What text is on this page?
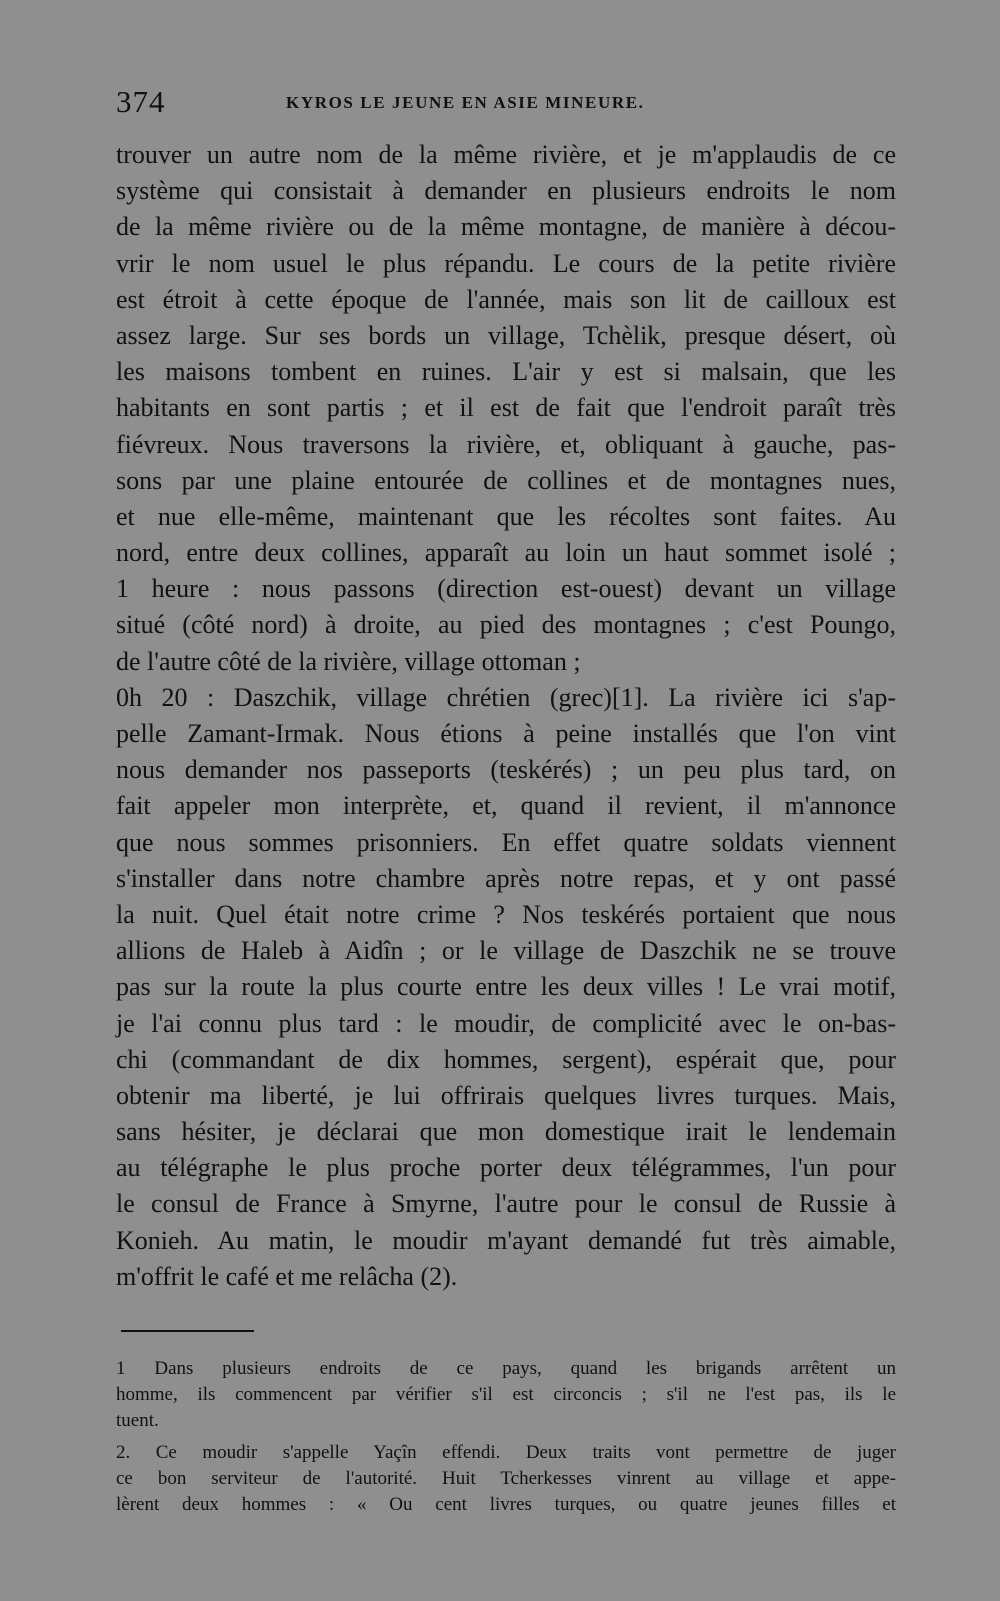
374	KYROS LE JEUNE EN ASIE MINEURE.
trouver un autre nom de la même rivière, et je m'applaudis de ce
système qui consistait à demander en plusieurs endroits le nom
de la même rivière ou de la même montagne, de manière à décou-
vrir le nom usuel le plus répandu. Le cours de la petite rivière
est étroit à cette époque de l'année, mais son lit de cailloux est
assez large. Sur ses bords un village, Tchèlik, presque désert, où
les maisons tombent en ruines. L'air y est si malsain, que les
habitants en sont partis ; et il est de fait que l'endroit paraît très
fiévreux. Nous traversons la rivière, et, obliquant à gauche, pas-
sons par une plaine entourée de collines et de montagnes nues,
et nue elle-même, maintenant que les récoltes sont faites. Au
nord, entre deux collines, apparaît au loin un haut sommet isolé ;
1 heure : nous passons (direction est-ouest) devant un village
situé (côté nord) à droite, au pied des montagnes ; c'est Poungo,
de l'autre côté de la rivière, village ottoman ;
0h 20 : Daszchik, village chrétien (grec)[1]. La rivière ici s'ap-
pelle Zamant-Irmak. Nous étions à peine installés que l'on vint
nous demander nos passeports (teskérés) ; un peu plus tard, on
fait appeler mon interprète, et, quand il revient, il m'annonce
que nous sommes prisonniers. En effet quatre soldats viennent
s'installer dans notre chambre après notre repas, et y ont passé
la nuit. Quel était notre crime ? Nos teskérés portaient que nous
allions de Haleb à Aidîn ; or le village de Daszchik ne se trouve
pas sur la route la plus courte entre les deux villes ! Le vrai motif,
je l'ai connu plus tard : le moudir, de complicité avec le on-bas-
chi (commandant de dix hommes, sergent), espérait que, pour
obtenir ma liberté, je lui offrirais quelques livres turques. Mais,
sans hésiter, je déclarai que mon domestique irait le lendemain
au télégraphe le plus proche porter deux télégrammes, l'un pour
le consul de France à Smyrne, l'autre pour le consul de Russie à
Konieh. Au matin, le moudir m'ayant demandé fut très aimable,
m'offrit le café et me relâcha (2).
1 Dans plusieurs endroits de ce pays, quand les brigands arrêtent un
homme, ils commencent par vérifier s'il est circoncis ; s'il ne l'est pas, ils le
tuent.
2. Ce moudir s'appelle Yaçîn effendi. Deux traits vont permettre de juger
ce bon serviteur de l'autorité. Huit Tcherkesses vinrent au village et appe-
lèrent deux hommes : « Ou cent livres turques, ou quatre jeunes filles et
